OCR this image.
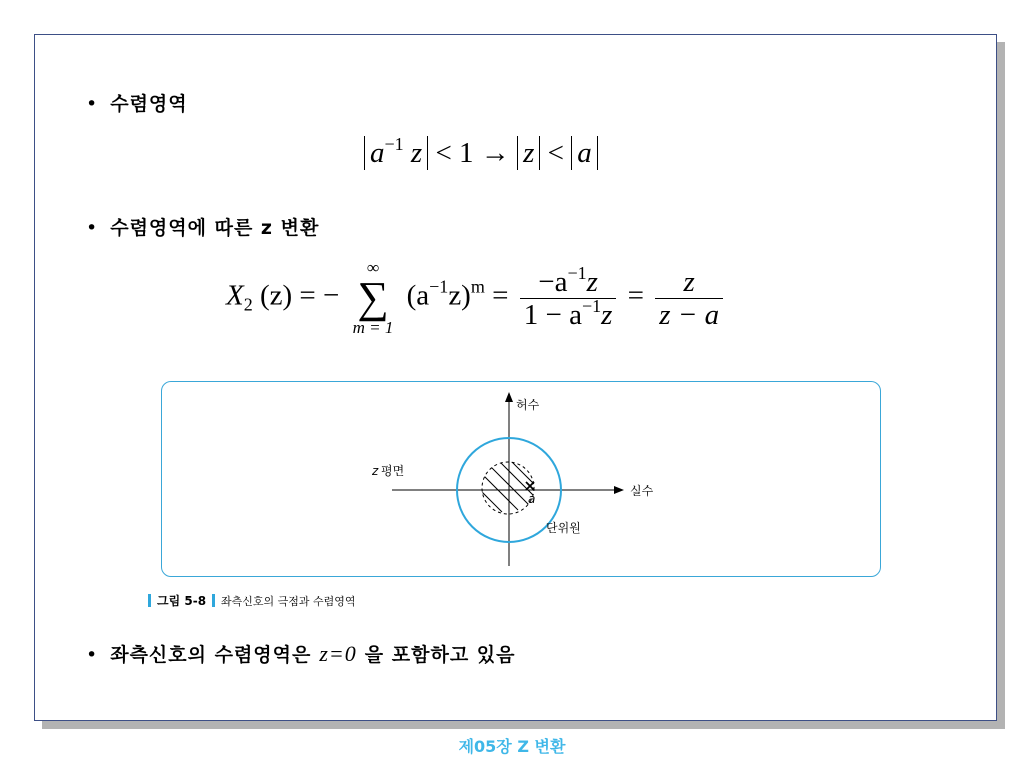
• 수렴영역
$a^{-1}$ z < 1 → z < a
• 수렴영역에 따른 z 변환
$X_2$ (z) = −
∞
∑
m = 1
$(a^{-1}z)^m = \frac{-a^{-1}z}{1 - a^{-1}z} = \frac{z}{z - a}$
a
허수
실수
z 평면
단위원
그림 5-8 좌측신호의 극점과 수렴영역
• 좌측신호의 수렴영역은 z=0 을 포함하고 있음
제05장 Z 변환
